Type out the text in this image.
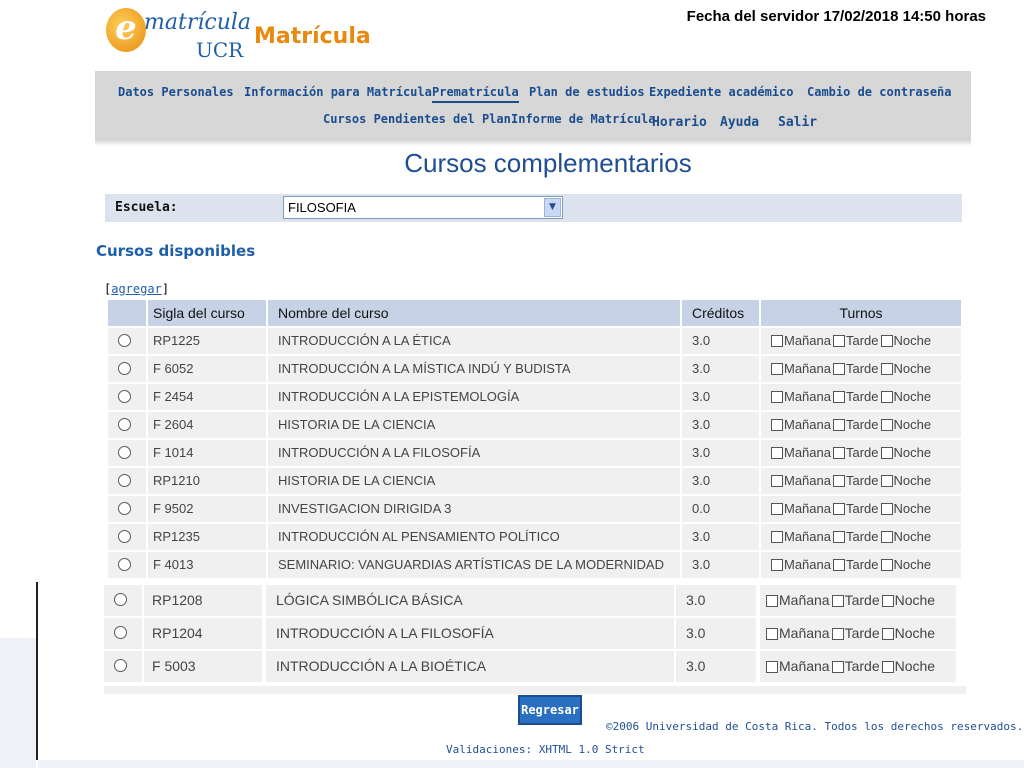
Fecha del servidor 17/02/2018 14:50 horas
e matrícula
UCR
Matrícula
Datos Personales Información para Matrícula Prematrícula Plan de estudios Expediente académico Cambio de contraseña
Cursos Pendientes del Plan Informe de Matrícula
Horario Ayuda Salir
Cursos complementarios
Escuela:	FILOSOFIA	▼
Cursos disponibles
[agregar]
Sigla del curso	Nombre del curso	Créditos	Turnos
RP1225	INTRODUCCIÓN A LA ÉTICA	3.0	Mañana Tarde Noche
F 6052	INTRODUCCIÓN A LA MÍSTICA INDÚ Y BUDISTA	3.0	Mañana Tarde Noche
F 2454	INTRODUCCIÓN A LA EPISTEMOLOGÍA	3.0	Mañana Tarde Noche
F 2604	HISTORIA DE LA CIENCIA	3.0	Mañana Tarde Noche
F 1014	INTRODUCCIÓN A LA FILOSOFÍA	3.0	Mañana Tarde Noche
RP1210	HISTORIA DE LA CIENCIA	3.0	Mañana Tarde Noche
F 9502	INVESTIGACION DIRIGIDA 3	0.0	Mañana Tarde Noche
RP1235	INTRODUCCIÓN AL PENSAMIENTO POLÍTICO	3.0	Mañana Tarde Noche
F 4013	SEMINARIO: VANGUARDIAS ARTÍSTICAS DE LA MODERNIDAD	3.0	Mañana Tarde Noche
RP1208	LÓGICA SIMBÓLICA BÁSICA	3.0	Mañana Tarde Noche
RP1204	INTRODUCCIÓN A LA FILOSOFÍA	3.0	Mañana Tarde Noche
F 5003	INTRODUCCIÓN A LA BIOÉTICA	3.0	Mañana Tarde Noche
Regresar
©2006 Universidad de Costa Rica. Todos los derechos reservados.
Validaciones: XHTML 1.0 Strict
